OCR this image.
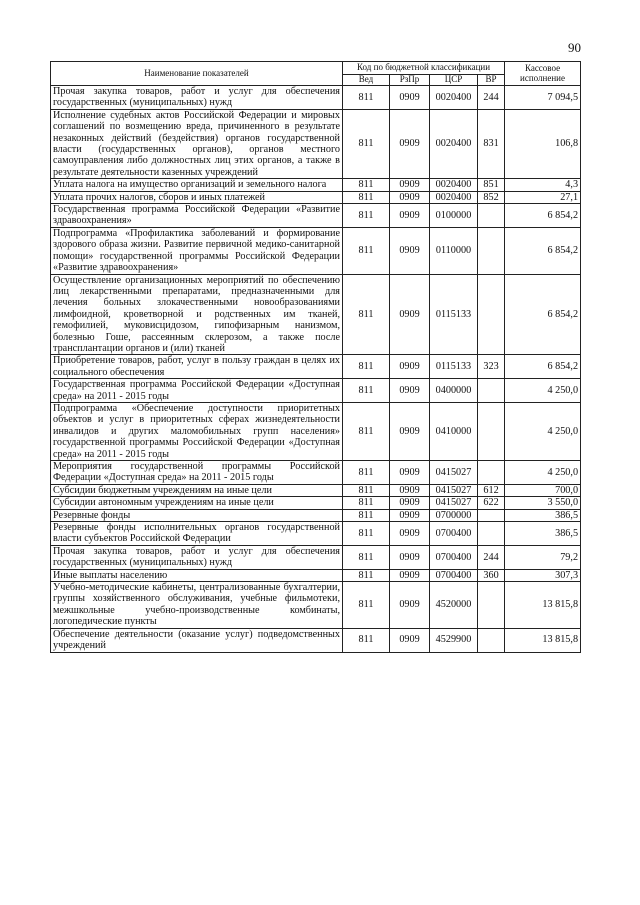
90
Наименование показателей	Код по бюджетной классификации				Кассовое исполнение
	Вед	РзПр	ЦСР	ВР	
Прочая закупка товаров, работ и услуг для обеспечения государственных (муниципальных) нужд	811	0909	0020400	244	7 094,5
Исполнение судебных актов Российской Федерации и мировых соглашений по возмещению вреда, причиненного в результате незаконных действий (бездействия) органов государственной власти (государственных органов), органов местного самоуправления либо должностных лиц этих органов, а также в результате деятельности казенных учреждений	811	0909	0020400	831	106,8
Уплата налога на имущество организаций и земельного налога	811	0909	0020400	851	4,3
Уплата прочих налогов, сборов и иных платежей	811	0909	0020400	852	27,1
Государственная программа Российской Федерации «Развитие здравоохранения»	811	0909	0100000		6 854,2
Подпрограмма «Профилактика заболеваний и формирование здорового образа жизни. Развитие первичной медико-санитарной помощи» государственной программы Российской Федерации «Развитие здравоохранения»	811	0909	0110000		6 854,2
Осуществление организационных мероприятий по обеспечению лиц лекарственными препаратами, предназначенными для лечения больных злокачественными новообразованиями лимфоидной, кроветворной и родственных им тканей, гемофилией, муковисцидозом, гипофизарным нанизмом, болезнью Гоше, рассеянным склерозом, а также после трансплантации органов и (или) тканей	811	0909	0115133		6 854,2
Приобретение товаров, работ, услуг в пользу граждан в целях их социального обеспечения	811	0909	0115133	323	6 854,2
Государственная программа Российской Федерации «Доступная среда» на 2011 - 2015 годы	811	0909	0400000		4 250,0
Подпрограмма «Обеспечение доступности приоритетных объектов и услуг в приоритетных сферах жизнедеятельности инвалидов и других маломобильных групп населения» государственной программы Российской Федерации «Доступная среда» на 2011 - 2015 годы	811	0909	0410000		4 250,0
Мероприятия государственной программы Российской Федерации «Доступная среда» на 2011 - 2015 годы	811	0909	0415027		4 250,0
Субсидии бюджетным учреждениям на иные цели	811	0909	0415027	612	700,0
Субсидии автономным учреждениям на иные цели	811	0909	0415027	622	3 550,0
Резервные фонды	811	0909	0700000		386,5
Резервные фонды исполнительных органов государственной власти субъектов Российской Федерации	811	0909	0700400		386,5
Прочая закупка товаров, работ и услуг для обеспечения государственных (муниципальных) нужд	811	0909	0700400	244	79,2
Иные выплаты населению	811	0909	0700400	360	307,3
Учебно-методические кабинеты, централизованные бухгалтерии, группы хозяйственного обслуживания, учебные фильмотеки, межшкольные учебно-производственные комбинаты, логопедические пункты	811	0909	4520000		13 815,8
Обеспечение деятельности (оказание услуг) подведомственных учреждений	811	0909	4529900		13 815,8
